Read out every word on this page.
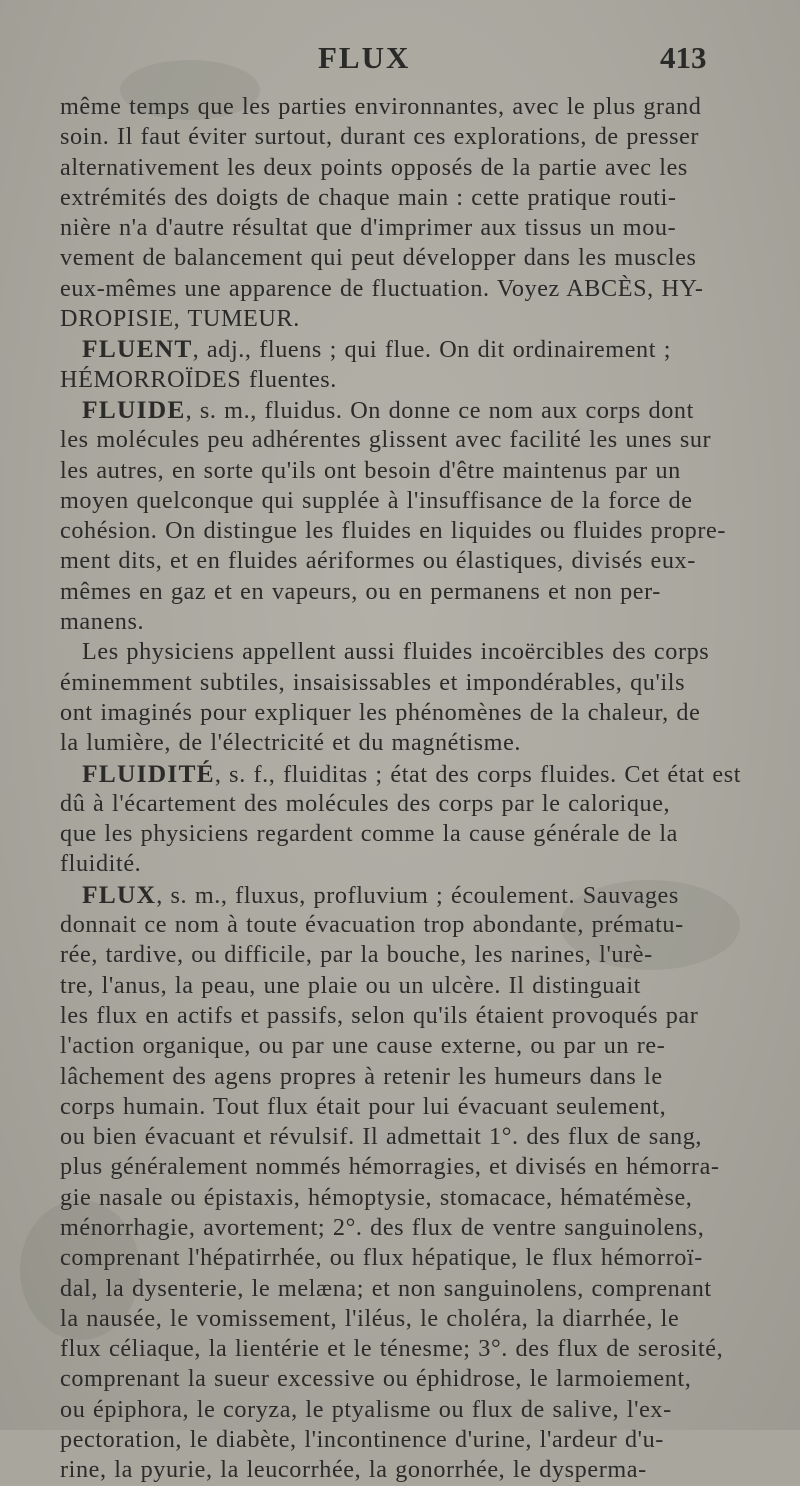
FLUX	413
même temps que les parties environnantes, avec le plus grand
soin. Il faut éviter surtout, durant ces explorations, de presser
alternativement les deux points opposés de la partie avec les
extrémités des doigts de chaque main : cette pratique routi-
nière n'a d'autre résultat que d'imprimer aux tissus un mou-
vement de balancement qui peut développer dans les muscles
eux-mêmes une apparence de fluctuation. Voyez ABCÈS, HY-
DROPISIE, TUMEUR.
FLUENT, adj., fluens ; qui flue. On dit ordinairement ;
HÉMORROÏDES fluentes.
FLUIDE, s. m., fluidus. On donne ce nom aux corps dont
les molécules peu adhérentes glissent avec facilité les unes sur
les autres, en sorte qu'ils ont besoin d'être maintenus par un
moyen quelconque qui supplée à l'insuffisance de la force de
cohésion. On distingue les fluides en liquides ou fluides propre-
ment dits, et en fluides aériformes ou élastiques, divisés eux-
mêmes en gaz et en vapeurs, ou en permanens et non per-
manens.
Les physiciens appellent aussi fluides incoërcibles des corps
éminemment subtiles, insaisissables et impondérables, qu'ils
ont imaginés pour expliquer les phénomènes de la chaleur, de
la lumière, de l'électricité et du magnétisme.
FLUIDITÉ, s. f., fluiditas ; état des corps fluides. Cet état est
dû à l'écartement des molécules des corps par le calorique,
que les physiciens regardent comme la cause générale de la
fluidité.
FLUX, s. m., fluxus, profluvium ; écoulement. Sauvages
donnait ce nom à toute évacuation trop abondante, prématu-
rée, tardive, ou difficile, par la bouche, les narines, l'urè-
tre, l'anus, la peau, une plaie ou un ulcère. Il distinguait
les flux en actifs et passifs, selon qu'ils étaient provoqués par
l'action organique, ou par une cause externe, ou par un re-
lâchement des agens propres à retenir les humeurs dans le
corps humain. Tout flux était pour lui évacuant seulement,
ou bien évacuant et révulsif. Il admettait 1°. des flux de sang,
plus généralement nommés hémorragies, et divisés en hémorra-
gie nasale ou épistaxis, hémoptysie, stomacace, hématémèse,
ménorrhagie, avortement; 2°. des flux de ventre sanguinolens,
comprenant l'hépatirrhée, ou flux hépatique, le flux hémorroï-
dal, la dysenterie, le melæna; et non sanguinolens, comprenant
la nausée, le vomissement, l'iléus, le choléra, la diarrhée, le
flux céliaque, la lientérie et le ténesme; 3°. des flux de serosité,
comprenant la sueur excessive ou éphidrose, le larmoiement,
ou épiphora, le coryza, le ptyalisme ou flux de salive, l'ex-
pectoration, le diabète, l'incontinence d'urine, l'ardeur d'u-
rine, la pyurie, la leucorrhée, la gonorrhée, le dysperma-
